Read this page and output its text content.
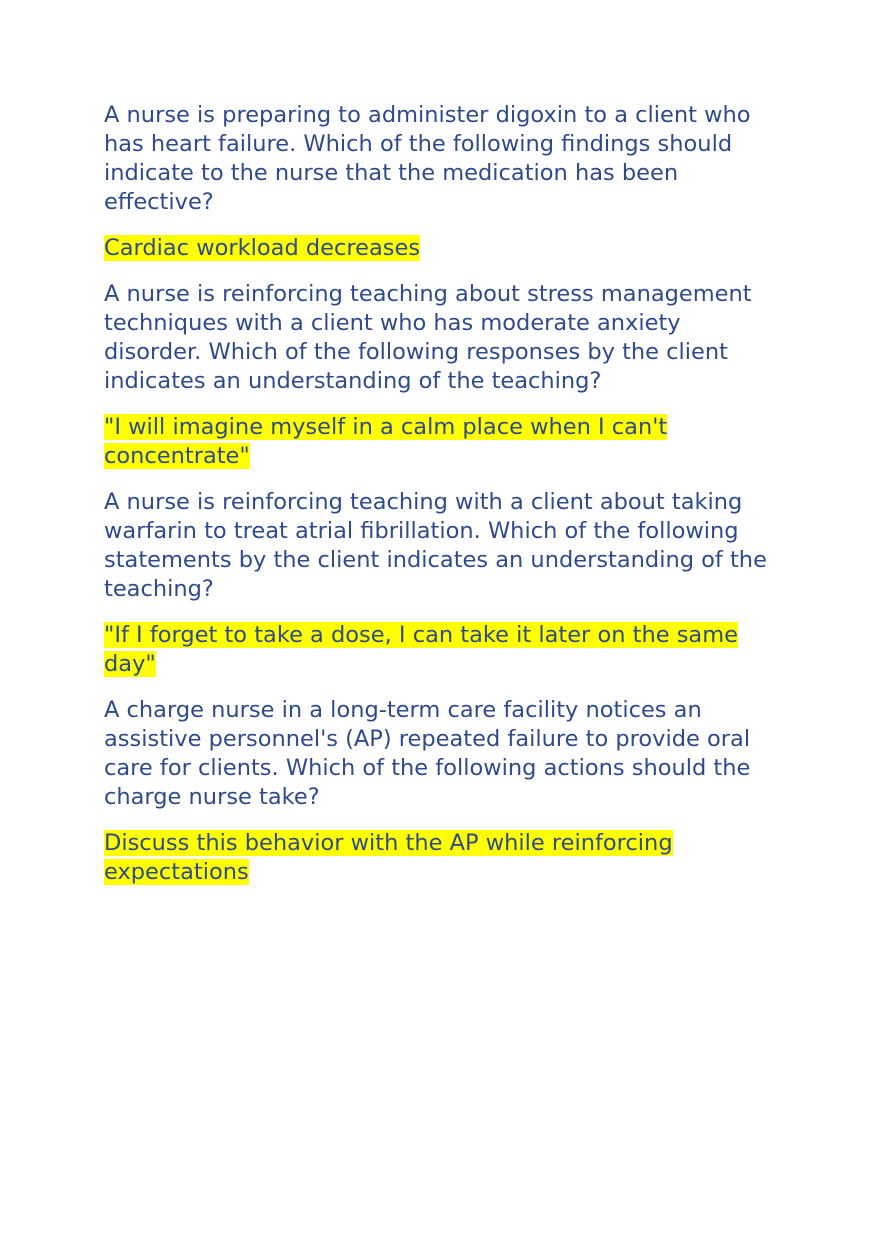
A nurse is preparing to administer digoxin to a client who has heart failure. Which of the following findings should indicate to the nurse that the medication has been effective?

Cardiac workload decreases

A nurse is reinforcing teaching about stress management techniques with a client who has moderate anxiety disorder. Which of the following responses by the client indicates an understanding of the teaching?

"I will imagine myself in a calm place when I can't concentrate"

A nurse is reinforcing teaching with a client about taking warfarin to treat atrial fibrillation. Which of the following statements by the client indicates an understanding of the teaching?

"If I forget to take a dose, I can take it later on the same day"

A charge nurse in a long-term care facility notices an assistive personnel's (AP) repeated failure to provide oral care for clients. Which of the following actions should the charge nurse take?

Discuss this behavior with the AP while reinforcing expectations
